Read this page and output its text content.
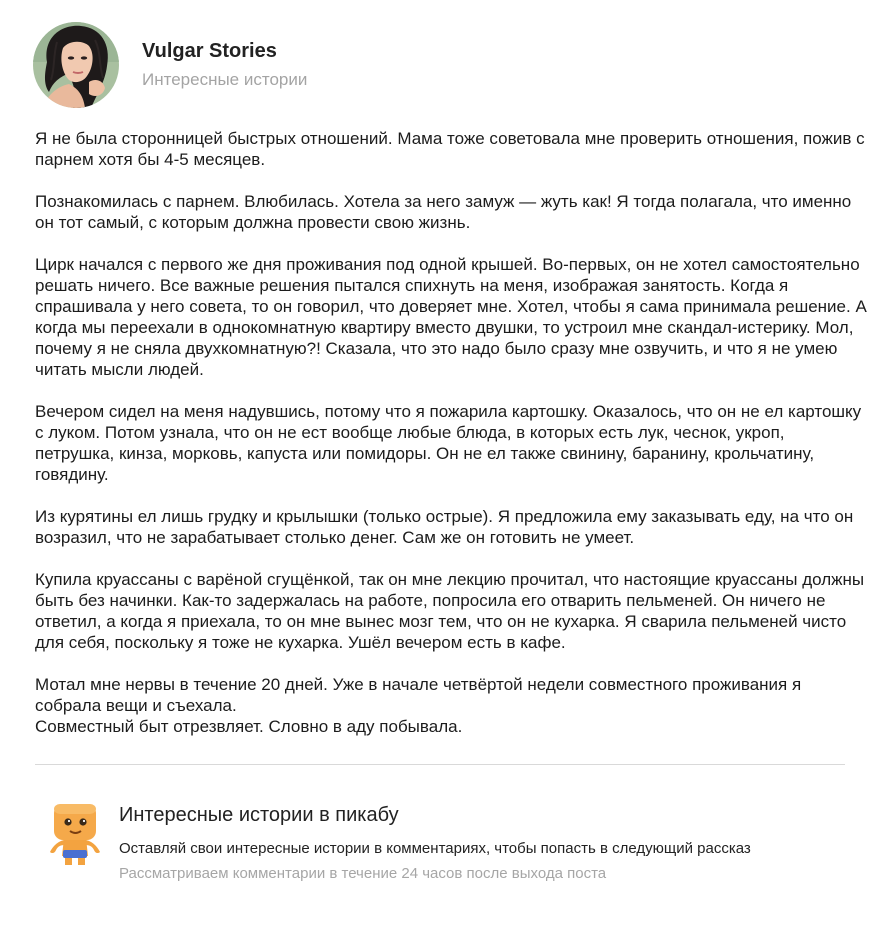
Vulgar Stories
Интересные истории

Я не была сторонницей быстрых отношений. Мама тоже советовала мне проверить отношения, пожив с парнем хотя бы 4-5 месяцев.

Познакомилась с парнем. Влюбилась. Хотела за него замуж — жуть как! Я тогда полагала, что именно он тот самый, с которым должна провести свою жизнь.

Цирк начался с первого же дня проживания под одной крышей. Во-первых, он не хотел самостоятельно решать ничего. Все важные решения пытался спихнуть на меня, изображая занятость. Когда я спрашивала у него совета, то он говорил, что доверяет мне. Хотел, чтобы я сама принимала решение. А когда мы переехали в однокомнатную квартиру вместо двушки, то устроил мне скандал-истерику. Мол, почему я не сняла двухкомнатную?! Сказала, что это надо было сразу мне озвучить, и что я не умею читать мысли людей.

Вечером сидел на меня надувшись, потому что я пожарила картошку. Оказалось, что он не ел картошку с луком. Потом узнала, что он не ест вообще любые блюда, в которых есть лук, чеснок, укроп, петрушка, кинза, морковь, капуста или помидоры. Он не ел также свинину, баранину, крольчатину, говядину.

Из курятины ел лишь грудку и крылышки (только острые). Я предложила ему заказывать еду, на что он возразил, что не зарабатывает столько денег. Сам же он готовить не умеет.

Купила круассаны с варёной сгущёнкой, так он мне лекцию прочитал, что настоящие круассаны должны быть без начинки. Как-то задержалась на работе, попросила его отварить пельменей. Он ничего не ответил, а когда я приехала, то он мне вынес мозг тем, что он не кухарка. Я сварила пельменей чисто для себя, поскольку я тоже не кухарка. Ушёл вечером есть в кафе.

Мотал мне нервы в течение 20 дней. Уже в начале четвёртой недели совместного проживания я собрала вещи и съехала.
Совместный быт отрезвляет. Словно в аду побывала.

Интересные истории в пикабу
Оставляй свои интересные истории в комментариях, чтобы попасть в следующий рассказ
Рассматриваем комментарии в течение 24 часов после выхода поста
